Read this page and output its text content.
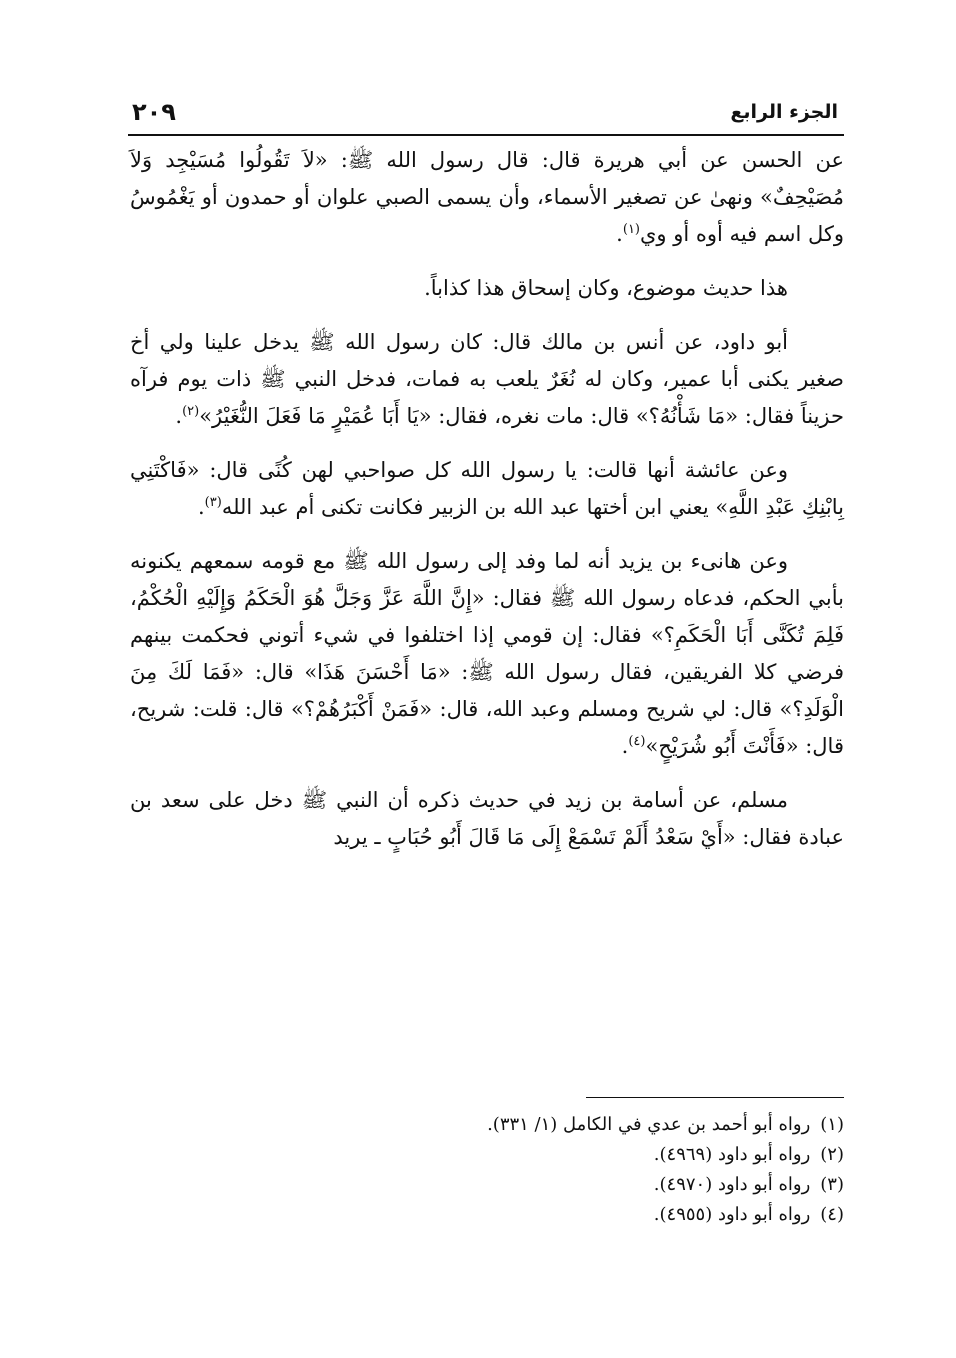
الجزء الرابع
٢٠٩

عن الحسن عن أبي هريرة قال: قال رسول الله ﷺ: «لاَ تَقُولُوا مُسَيْجِد وَلاَ مُصَيْحِفٌ» ونهىٰ عن تصغير الأسماء، وأن يسمى الصبي علوان أو حمدون أو يَغْمُوسُ وكل اسم فيه أوه أو وي$^{(١)}$.

هذا حديث موضوع، وكان إسحاق هذا كذاباً.

أبو داود، عن أنس بن مالك قال: كان رسول الله ﷺ يدخل علينا ولي أخ صغير يكنى أبا عمير، وكان له نُغَرٌ يلعب به فمات، فدخل النبي ﷺ ذات يوم فرآه حزيناً فقال: «مَا شَأْنُهُ؟» قال: مات نغره، فقال: «يَا أَبَا عُمَيْرٍ مَا فَعَلَ النُّغَيْرُ»$^{(٢)}$.

وعن عائشة أنها قالت: يا رسول الله كل صواحبي لهن كُنًى قال: «فَاكْتَنِي بِابْنِكِ عَبْدِ اللَّهِ» يعني ابن أختها عبد الله بن الزبير فكانت تكنى أم عبد الله$^{(٣)}$.

وعن هانىء بن يزيد أنه لما وفد إلى رسول الله ﷺ مع قومه سمعهم يكنونه بأبي الحكم، فدعاه رسول الله ﷺ فقال: «إِنَّ اللَّهَ عَزَّ وَجَلَّ هُوَ الْحَكَمُ وَإِلَيْهِ الْحُكْمُ، فَلِمَ تُكَنَّى أَبَا الْحَكَمِ؟» فقال: إن قومي إذا اختلفوا في شيء أتوني فحكمت بينهم فرضي كلا الفريقين، فقال رسول الله ﷺ: «مَا أَحْسَنَ هَذَا» قال: «فَمَا لَكَ مِنَ الْوَلَدِ؟» قال: لي شريح ومسلم وعبد الله، قال: «فَمَنْ أَكْبَرُهُمْ؟» قال: قلت: شريح، قال: «فَأَنْتَ أَبُو شُرَيْحٍ»$^{(٤)}$.

مسلم، عن أسامة بن زيد في حديث ذكره أن النبي ﷺ دخل على سعد بن عبادة فقال: «أَيْ سَعْدُ أَلَمْ تَسْمَعْ إِلَى مَا قَالَ أَبُو حُبَابٍ ـ يريد

(١)
رواه أبو أحمد بن عدي في الكامل (١/ ٣٣١).
(٢)
رواه أبو داود (٤٩٦٩).
(٣)
رواه أبو داود (٤٩٧٠).
(٤)
رواه أبو داود (٤٩٥٥).
